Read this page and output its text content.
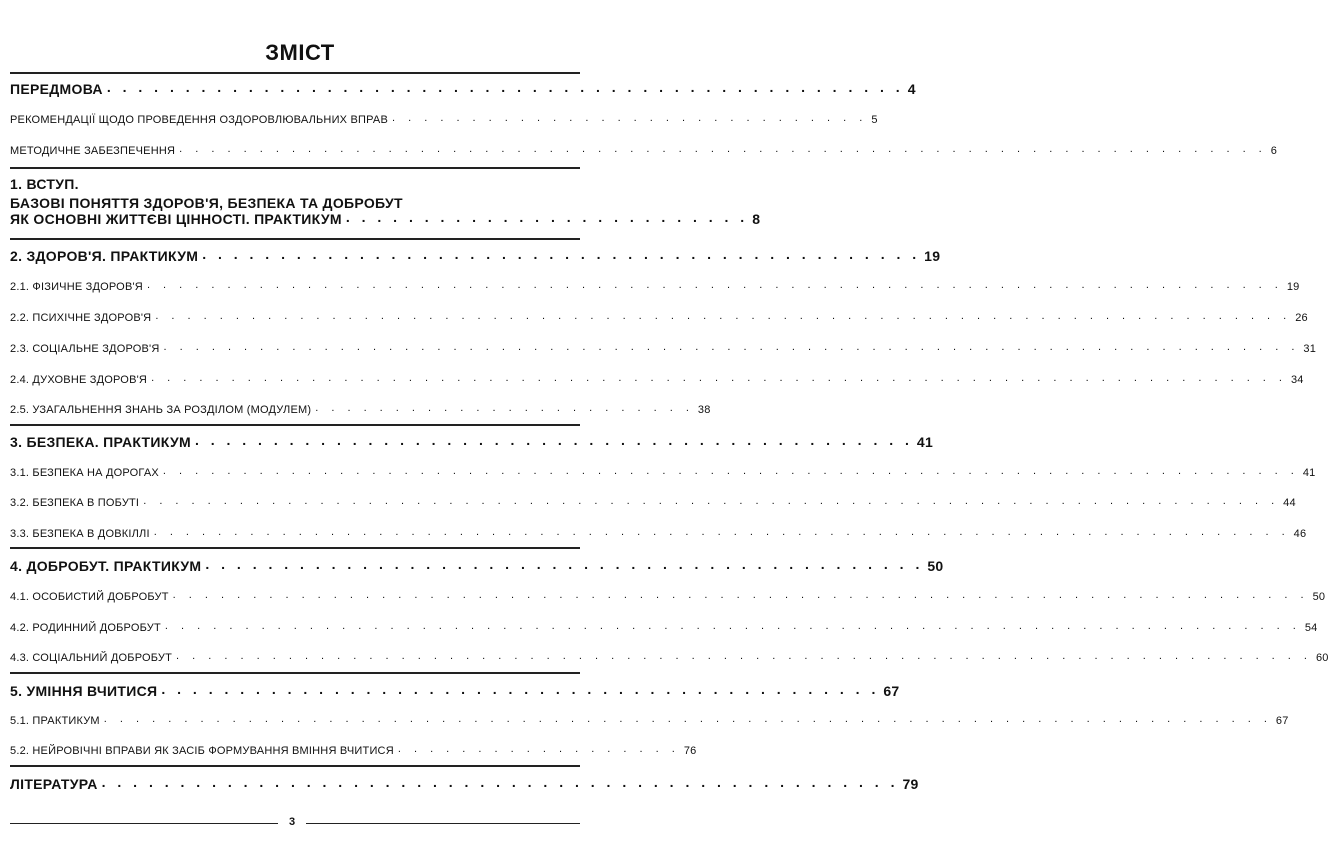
ЗМІСТ
ПЕРЕДМОВА . . . . . . . . . . . . . . . . . . . . . . . . . . . . . . . . . . . . . . . . . . . . . . . . . . . 4
РЕКОМЕНДАЦІЇ ЩОДО ПРОВЕДЕННЯ ОЗДОРОВЛЮВАЛЬНИХ ВПРАВ . . . . . . . . . . . . . . . . . . . . . . . . . . . . . . 5
МЕТОДИЧНЕ ЗАБЕЗПЕЧЕННЯ . . . . . . . . . . . . . . . . . . . . . . . . . . . . . . . . . . . . . . . . . . . . . . . . . . . . . . . . . . . . . . . . . . . . 6
1. ВСТУП.
БАЗОВІ ПОНЯТТЯ ЗДОРОВ'Я, БЕЗПЕКА ТА ДОБРОБУТ
ЯК ОСНОВНІ ЖИТТЄВІ ЦІННОСТІ. ПРАКТИКУМ . . . . . . . . . . . . . . . . . . . . . . . . . . 8
2. ЗДОРОВ'Я. ПРАКТИКУМ . . . . . . . . . . . . . . . . . . . . . . . . . . . . . . . . . . . . . . . . . . . . . . 19
2.1. ФІЗИЧНЕ ЗДОРОВ'Я . . . . . . . . . . . . . . . . . . . . . . . . . . . . . . . . . . . . . . . . . . . . . . . . . . . . . . . . . . . . . . . . . . . . . . . 19
2.2. ПСИХІЧНЕ ЗДОРОВ'Я . . . . . . . . . . . . . . . . . . . . . . . . . . . . . . . . . . . . . . . . . . . . . . . . . . . . . . . . . . . . . . . . . . . . . . . 26
2.3. СОЦІАЛЬНЕ ЗДОРОВ'Я . . . . . . . . . . . . . . . . . . . . . . . . . . . . . . . . . . . . . . . . . . . . . . . . . . . . . . . . . . . . . . . . . . . . . . . 31
2.4. ДУХОВНЕ ЗДОРОВ'Я . . . . . . . . . . . . . . . . . . . . . . . . . . . . . . . . . . . . . . . . . . . . . . . . . . . . . . . . . . . . . . . . . . . . . . . 34
2.5. УЗАГАЛЬНЕННЯ ЗНАНЬ ЗА РОЗДІЛОМ (МОДУЛЕМ) . . . . . . . . . . . . . . . . . . . . . . . . 38
3. БЕЗПЕКА. ПРАКТИКУМ . . . . . . . . . . . . . . . . . . . . . . . . . . . . . . . . . . . . . . . . . . . . . . 41
3.1. БЕЗПЕКА НА ДОРОГАХ . . . . . . . . . . . . . . . . . . . . . . . . . . . . . . . . . . . . . . . . . . . . . . . . . . . . . . . . . . . . . . . . . . . . . . . 41
3.2. БЕЗПЕКА В ПОБУТІ . . . . . . . . . . . . . . . . . . . . . . . . . . . . . . . . . . . . . . . . . . . . . . . . . . . . . . . . . . . . . . . . . . . . . . . 44
3.3. БЕЗПЕКА В ДОВКІЛЛІ . . . . . . . . . . . . . . . . . . . . . . . . . . . . . . . . . . . . . . . . . . . . . . . . . . . . . . . . . . . . . . . . . . . . . . . 46
4. ДОБРОБУТ. ПРАКТИКУМ . . . . . . . . . . . . . . . . . . . . . . . . . . . . . . . . . . . . . . . . . . . . . . 50
4.1. ОСОБИСТИЙ ДОБРОБУТ . . . . . . . . . . . . . . . . . . . . . . . . . . . . . . . . . . . . . . . . . . . . . . . . . . . . . . . . . . . . . . . . . . . . . . . 50
4.2. РОДИННИЙ ДОБРОБУТ . . . . . . . . . . . . . . . . . . . . . . . . . . . . . . . . . . . . . . . . . . . . . . . . . . . . . . . . . . . . . . . . . . . . . . . 54
4.3. СОЦІАЛЬНИЙ ДОБРОБУТ . . . . . . . . . . . . . . . . . . . . . . . . . . . . . . . . . . . . . . . . . . . . . . . . . . . . . . . . . . . . . . . . . . . . . . . 60
5. УМІННЯ ВЧИТИСЯ . . . . . . . . . . . . . . . . . . . . . . . . . . . . . . . . . . . . . . . . . . . . . . 67
5.1. ПРАКТИКУМ . . . . . . . . . . . . . . . . . . . . . . . . . . . . . . . . . . . . . . . . . . . . . . . . . . . . . . . . . . . . . . . . . . . . . . . . . 67
5.2. НЕЙРОВІЧНІ ВПРАВИ ЯК ЗАСІБ ФОРМУВАННЯ ВМІННЯ ВЧИТИСЯ . . . . . . . . . . . . . . . . . . 76
ЛІТЕРАТУРА . . . . . . . . . . . . . . . . . . . . . . . . . . . . . . . . . . . . . . . . . . . . . . . . . . . 79
3
